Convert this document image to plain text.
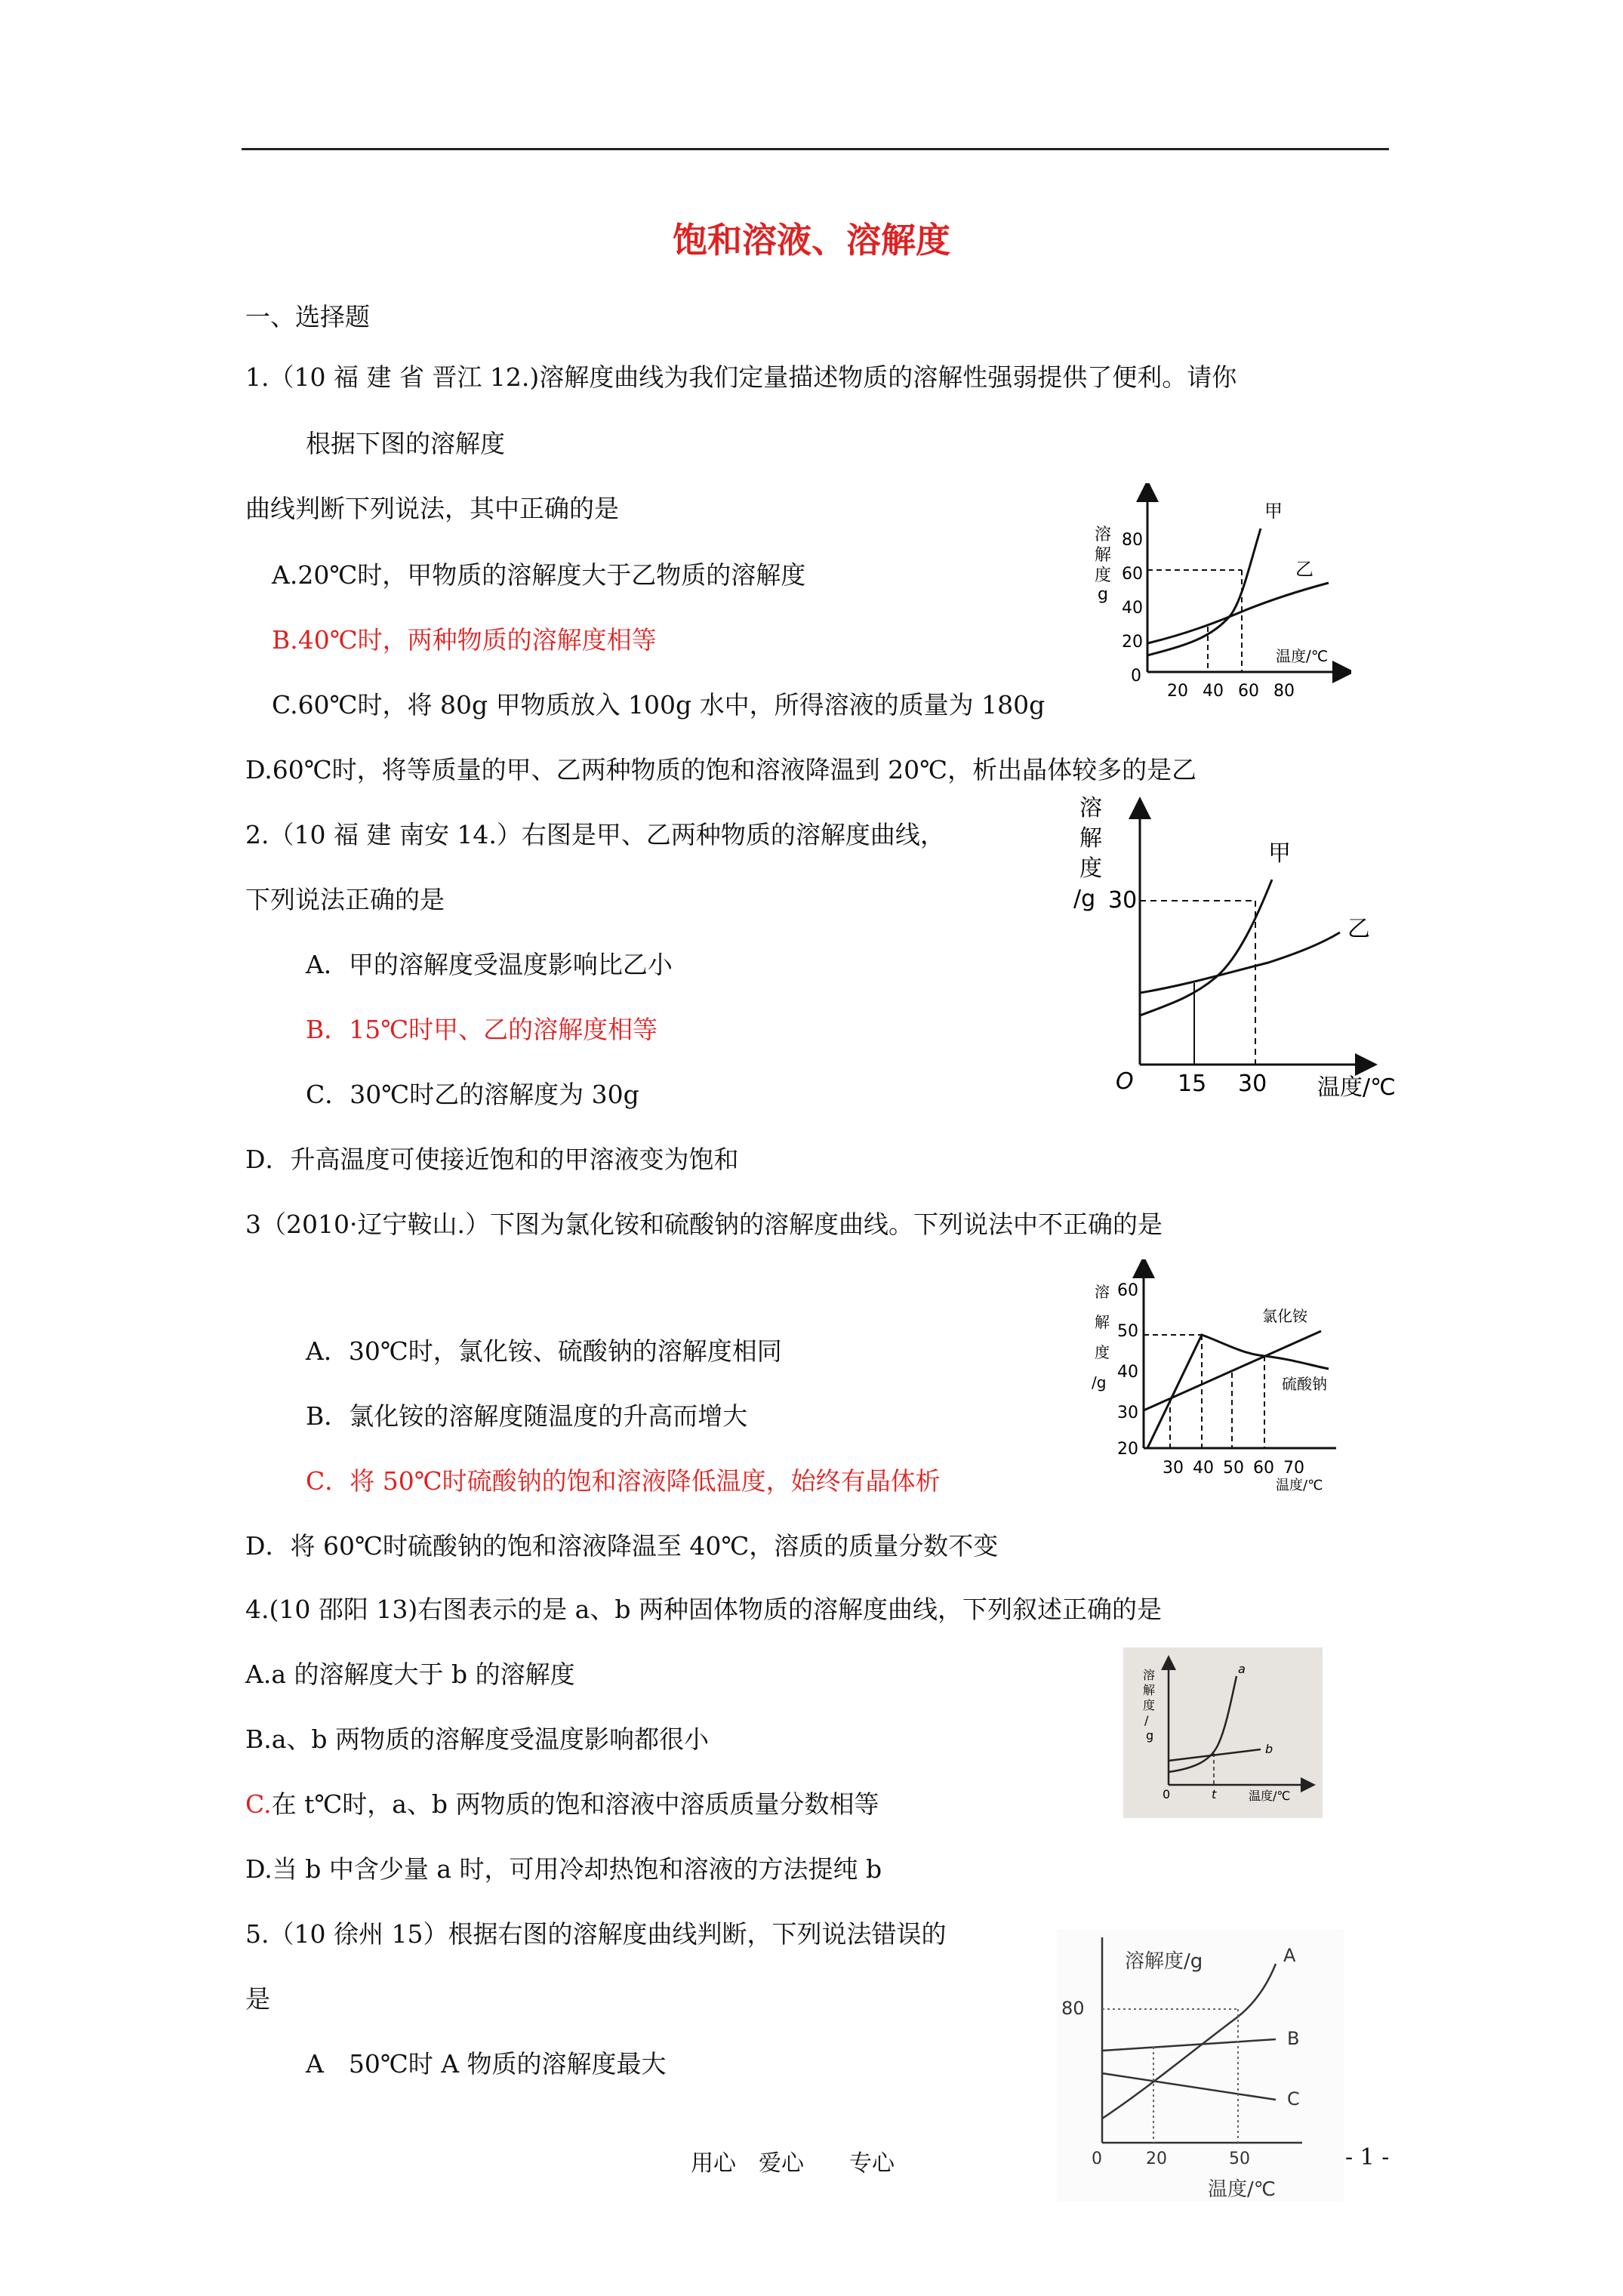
饱和溶液、溶解度
一、选择题
1.（10 福 建 省 晋江 12.)溶解度曲线为我们定量描述物质的溶解性强弱提供了便利。请你
根据下图的溶解度
曲线判断下列说法，其中正确的是
A.20℃时，甲物质的溶解度大于乙物质的溶解度
B.40℃时，两种物质的溶解度相等
C.60℃时，将 80g 甲物质放入 100g 水中，所得溶液的质量为 180g
D.60℃时，将等质量的甲、乙两种物质的饱和溶液降温到 20℃，析出晶体较多的是乙
溶
解
度
g
80
60
40
20
0
20 40 60 80
温度/℃
甲
乙
2.（10 福 建 南安 14.）右图是甲、乙两种物质的溶解度曲线，
下列说法正确的是
A．甲的溶解度受温度影响比乙小
B．15℃时甲、乙的溶解度相等
C．30℃时乙的溶解度为 30g
D．升高温度可使接近饱和的甲溶液变为饱和
溶
解
度
/g 30
O 15 30 温度/℃
甲
乙
3（2010·辽宁鞍山.）下图为氯化铵和硫酸钠的溶解度曲线。下列说法中不正确的是
A．30℃时，氯化铵、硫酸钠的溶解度相同
B．氯化铵的溶解度随温度的升高而增大
C．将 50℃时硫酸钠的饱和溶液降低温度，始终有晶体析
D．将 60℃时硫酸钠的饱和溶液降温至 40℃，溶质的质量分数不变
溶
解
度
/g
60
50
40
30
20
30 40 50 60 70
温度/℃
氯化铵
硫酸钠
4.(10 邵阳 13)右图表示的是 a、b 两种固体物质的溶解度曲线，下列叙述正确的是
A.a 的溶解度大于 b 的溶解度
B.a、b 两物质的溶解度受温度影响都很小
C.在 t℃时，a、b 两物质的饱和溶液中溶质质量分数相等
D.当 b 中含少量 a 时，可用冷却热饱和溶液的方法提纯 b
溶
解
度
/
g
0	t	温度/℃
a
b
5.（10 徐州 15）根据右图的溶解度曲线判断，下列说法错误的
是
A　50℃时 A 物质的溶解度最大
溶解度/g
80
0	20	50
温度/℃
A
B
C
用心　爱心　　专心	- 1 -
